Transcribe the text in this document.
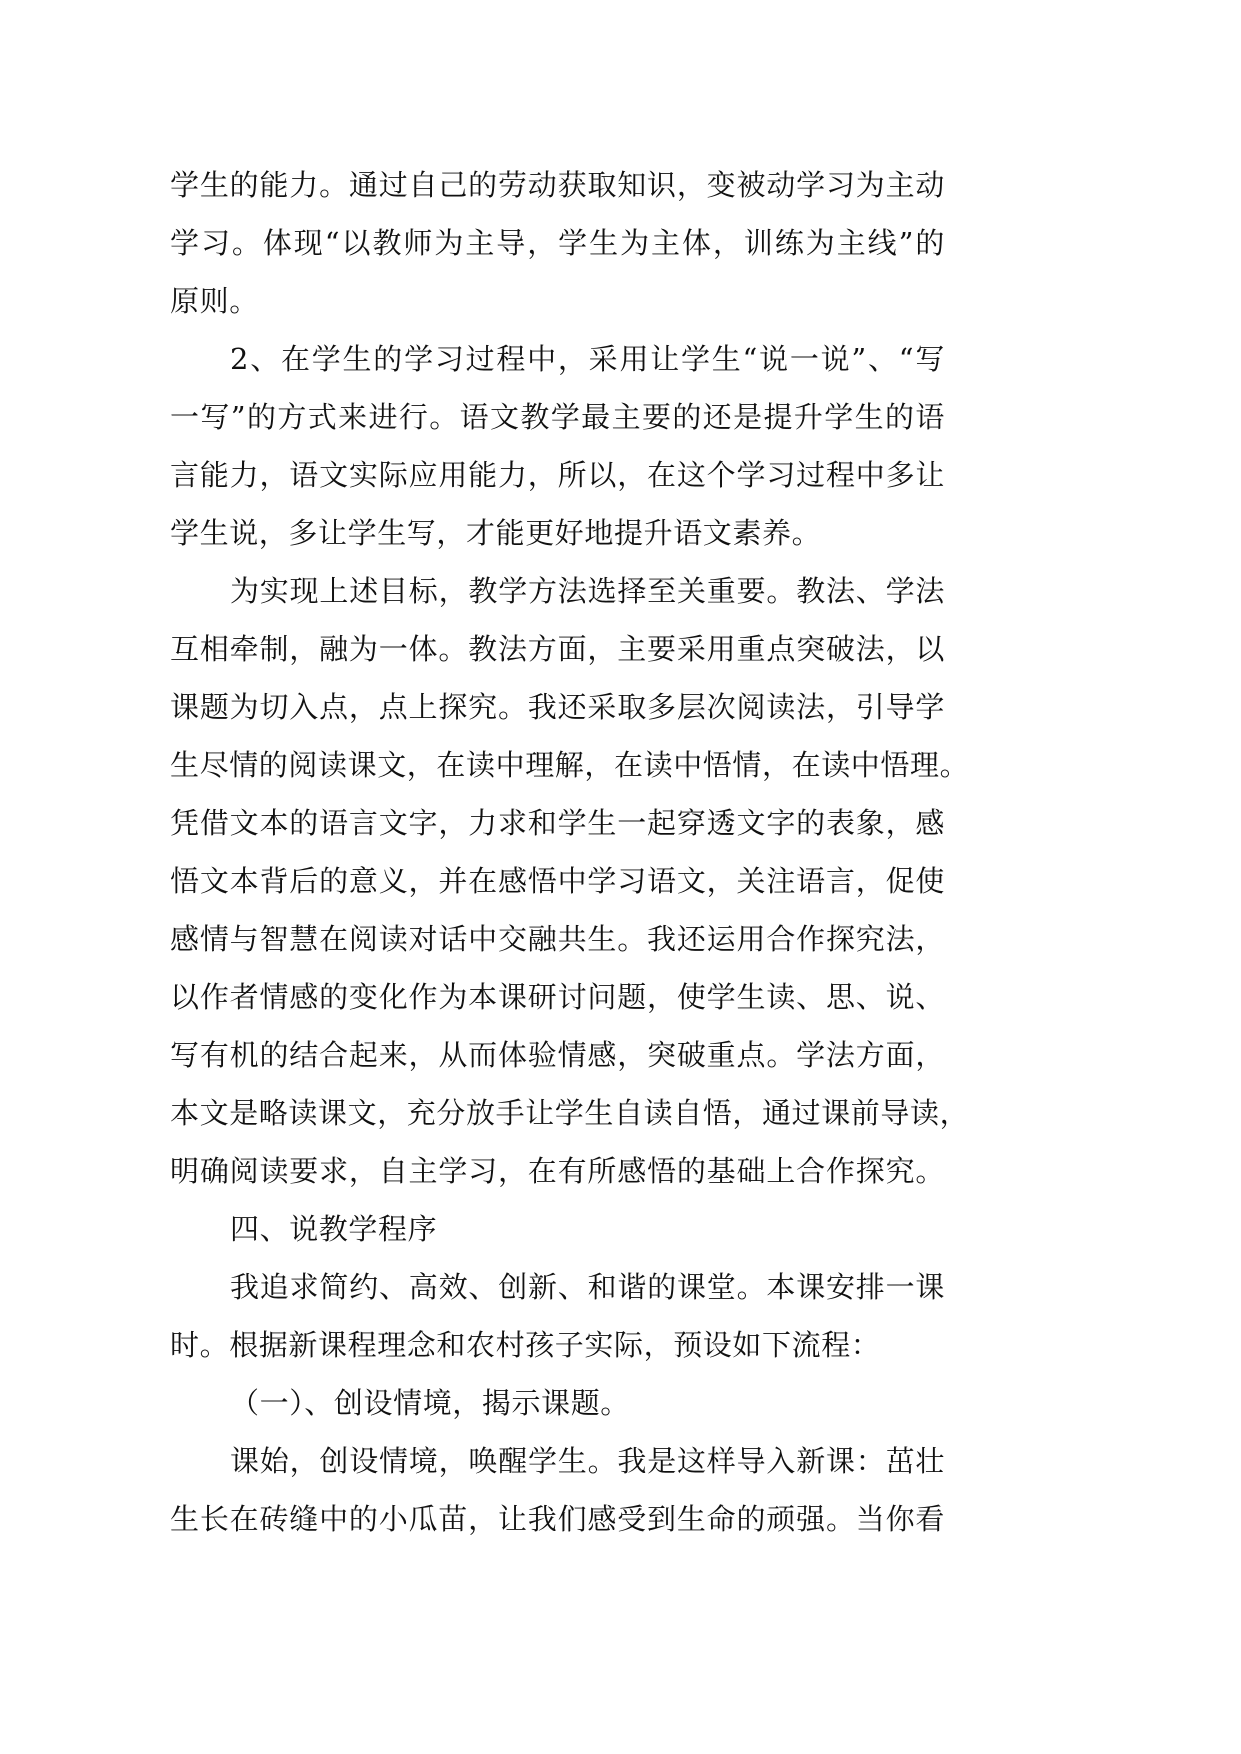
学生的能力。通过自己的劳动获取知识，变被动学习为主动
学习。体现“以教师为主导，学生为主体，训练为主线”的
原则。
2、在学生的学习过程中，采用让学生“说一说”、“写
一写”的方式来进行。语文教学最主要的还是提升学生的语
言能力，语文实际应用能力，所以，在这个学习过程中多让
学生说，多让学生写，才能更好地提升语文素养。
为实现上述目标，教学方法选择至关重要。教法、学法
互相牵制，融为一体。教法方面，主要采用重点突破法，以
课题为切入点，点上探究。我还采取多层次阅读法，引导学
生尽情的阅读课文，在读中理解，在读中悟情，在读中悟理。
凭借文本的语言文字，力求和学生一起穿透文字的表象，感
悟文本背后的意义，并在感悟中学习语文，关注语言，促使
感情与智慧在阅读对话中交融共生。我还运用合作探究法，
以作者情感的变化作为本课研讨问题，使学生读、思、说、
写有机的结合起来，从而体验情感，突破重点。学法方面，
本文是略读课文，充分放手让学生自读自悟，通过课前导读，
明确阅读要求，自主学习，在有所感悟的基础上合作探究。
四、说教学程序
我追求简约、高效、创新、和谐的课堂。本课安排一课
时。根据新课程理念和农村孩子实际，预设如下流程：
（一）、创设情境，揭示课题。
课始，创设情境，唤醒学生。我是这样导入新课：茁壮
生长在砖缝中的小瓜苗，让我们感受到生命的顽强。当你看
